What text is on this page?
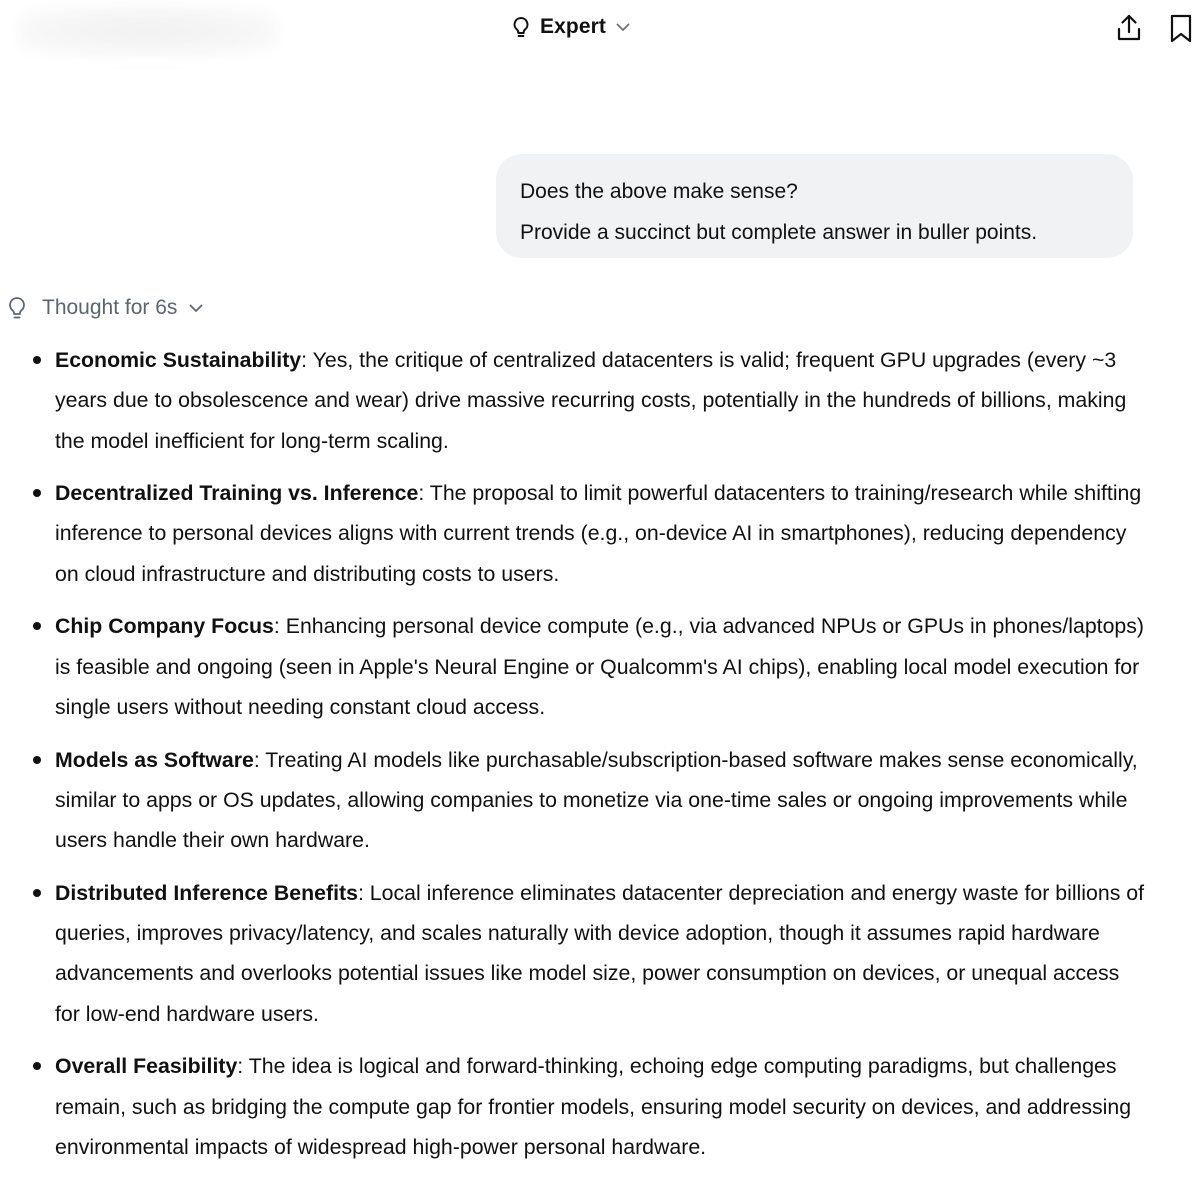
Expert

Does the above make sense?

Provide a succinct but complete answer in buller points.

Thought for 6s
Economic Sustainability: Yes, the critique of centralized datacenters is valid; frequent GPU upgrades (every ~3 years due to obsolescence and wear) drive massive recurring costs, potentially in the hundreds of billions, making the model inefficient for long-term scaling.
Decentralized Training vs. Inference: The proposal to limit powerful datacenters to training/research while shifting inference to personal devices aligns with current trends (e.g., on-device AI in smartphones), reducing dependency on cloud infrastructure and distributing costs to users.
Chip Company Focus: Enhancing personal device compute (e.g., via advanced NPUs or GPUs in phones/laptops) is feasible and ongoing (seen in Apple's Neural Engine or Qualcomm's AI chips), enabling local model execution for single users without needing constant cloud access.
Models as Software: Treating AI models like purchasable/subscription-based software makes sense economically, similar to apps or OS updates, allowing companies to monetize via one-time sales or ongoing improvements while users handle their own hardware.
Distributed Inference Benefits: Local inference eliminates datacenter depreciation and energy waste for billions of queries, improves privacy/latency, and scales naturally with device adoption, though it assumes rapid hardware advancements and overlooks potential issues like model size, power consumption on devices, or unequal access for low-end hardware users.
Overall Feasibility: The idea is logical and forward-thinking, echoing edge computing paradigms, but challenges remain, such as bridging the compute gap for frontier models, ensuring model security on devices, and addressing environmental impacts of widespread high-power personal hardware.
